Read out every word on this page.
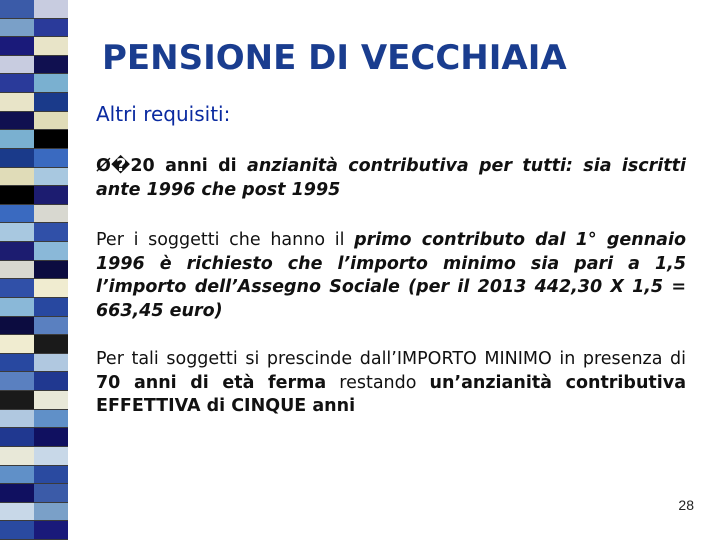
PENSIONE DI VECCHIAIA
Altri requisiti:
Ø�20 anni di anzianità contributiva per tutti: sia iscritti ante 1996 che post 1995
Per i soggetti che hanno il primo contributo dal 1° gennaio 1996 è richiesto che l’importo minimo sia pari a 1,5 l’importo dell’Assegno Sociale (per il 2013 442,30 X 1,5 = 663,45 euro)
Per tali soggetti si prescinde dall’IMPORTO MINIMO in presenza di 70 anni di età ferma restando un’anzianità contributiva EFFETTIVA di CINQUE anni
28
